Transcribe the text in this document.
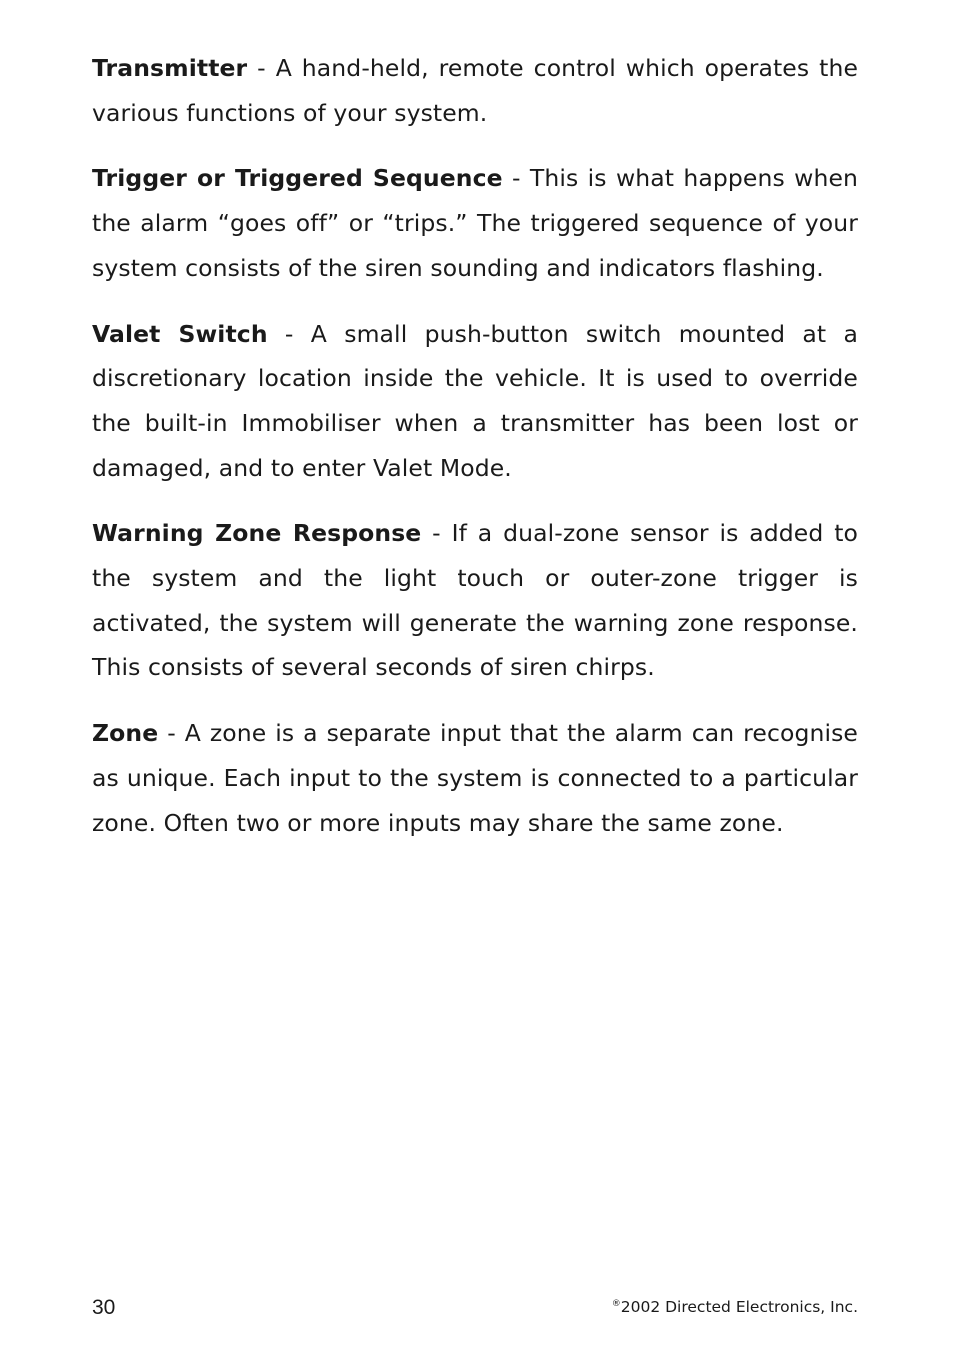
Transmitter - A hand-held, remote control which operates the various functions of your system.

Trigger or Triggered Sequence - This is what happens when the alarm “goes off” or “trips.” The triggered sequence of your system consists of the siren sounding and indicators flashing.

Valet Switch - A small push-button switch mounted at a discretionary location inside the vehicle. It is used to override the built-in Immobiliser when a transmitter has been lost or damaged, and to enter Valet Mode.

Warning Zone Response - If a dual-zone sensor is added to the system and the light touch or outer-zone trigger is activated, the system will generate the warning zone response. This consists of several seconds of siren chirps.

Zone - A zone is a separate input that the alarm can recognise as unique. Each input to the system is connected to a particular zone. Often two or more inputs may share the same zone.

30	®2002 Directed Electronics, Inc.
